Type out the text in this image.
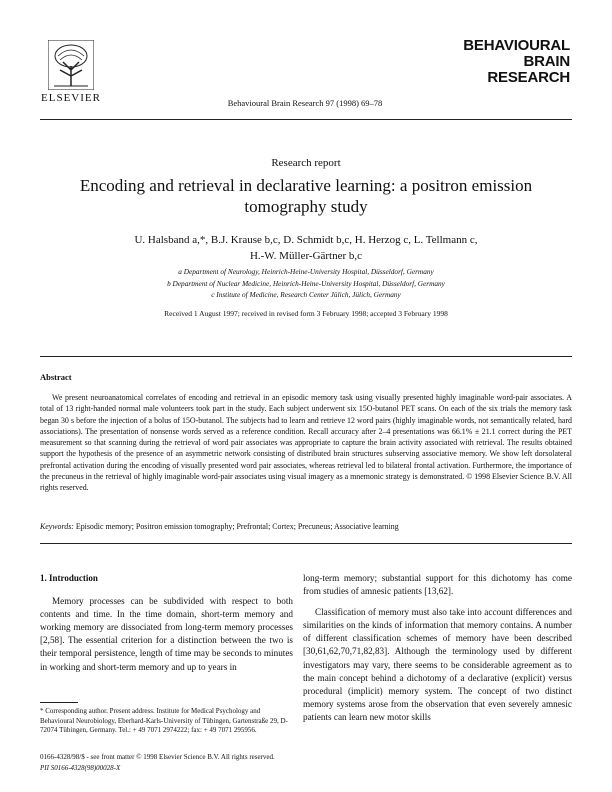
ELSEVIER	Behavioural Brain Research 97 (1998) 69–78
BEHAVIOURAL
BRAIN
RESEARCH
Research report
Encoding and retrieval in declarative learning: a positron emission
tomography study
U. Halsband a,*, B.J. Krause b,c, D. Schmidt b,c, H. Herzog c, L. Tellmann c,
H.-W. Müller-Gärtner b,c
a Department of Neurology, Heinrich-Heine-University Hospital, Düsseldorf, Germany
b Department of Nuclear Medicine, Heinrich-Heine-University Hospital, Düsseldorf, Germany
c Institute of Medicine, Research Center Jülich, Jülich, Germany
Received 1 August 1997; received in revised form 3 February 1998; accepted 3 February 1998
Abstract
We present neuroanatomical correlates of encoding and retrieval in an episodic memory task using visually presented highly imaginable word-pair associates. A total of 13 right-handed normal male volunteers took part in the study. Each subject underwent six 15O-butanol PET scans. On each of the six trials the memory task began 30 s before the injection of a bolus of 15O-butanol. The subjects had to learn and retrieve 12 word pairs (highly imaginable words, not semantically related, hard associations). The presentation of nonsense words served as a reference condition. Recall accuracy after 2–4 presentations was 66.1% ± 21.1 correct during the PET measurement so that scanning during the retrieval of word pair associates was appropriate to capture the brain activity associated with retrieval. The results obtained support the hypothesis of the presence of an asymmetric network consisting of distributed brain structures subserving associative memory. We show left dorsolateral prefrontal activation during the encoding of visually presented word pair associates, whereas retrieval led to bilateral frontal activation. Furthermore, the importance of the precuneus in the retrieval of highly imaginable word-pair associates using visual imagery as a mnemonic strategy is demonstrated. © 1998 Elsevier Science B.V. All rights reserved.
Keywords: Episodic memory; Positron emission tomography; Prefrontal; Cortex; Precuneus; Associative learning
1. Introduction

Memory processes can be subdivided with respect to both contents and time. In the time domain, short-term memory and working memory are dissociated from long-term memory processes [2,58]. The essential criterion for a distinction between the two is their temporal persistence, length of time may be seconds to minutes in working and short-term memory and up to years in

* Corresponding author. Present address. Institute for Medical Psychology and Behavioural Neurobiology, Eberhard-Karls-University of Tübingen, Gartenstraße 29, D-72074 Tübingen, Germany. Tel.: + 49 7071 2974222; fax: + 49 7071 295956.

long-term memory; substantial support for this dichotomy has come from studies of amnesic patients [13,62].

Classification of memory must also take into account differences and similarities on the kinds of information that memory contains. A number of different classification schemes of memory have been described [30,61,62,70,71,82,83]. Although the terminology used by different investigators may vary, there seems to be considerable agreement as to the main concept behind a dichotomy of a declarative (explicit) versus procedural (implicit) memory system. The concept of two distinct memory systems arose from the observation that even severely amnesic patients can learn new motor skills

0166-4328/98/$ - see front matter © 1998 Elsevier Science B.V. All rights reserved.
PII S0166-4328(98)00028-X
